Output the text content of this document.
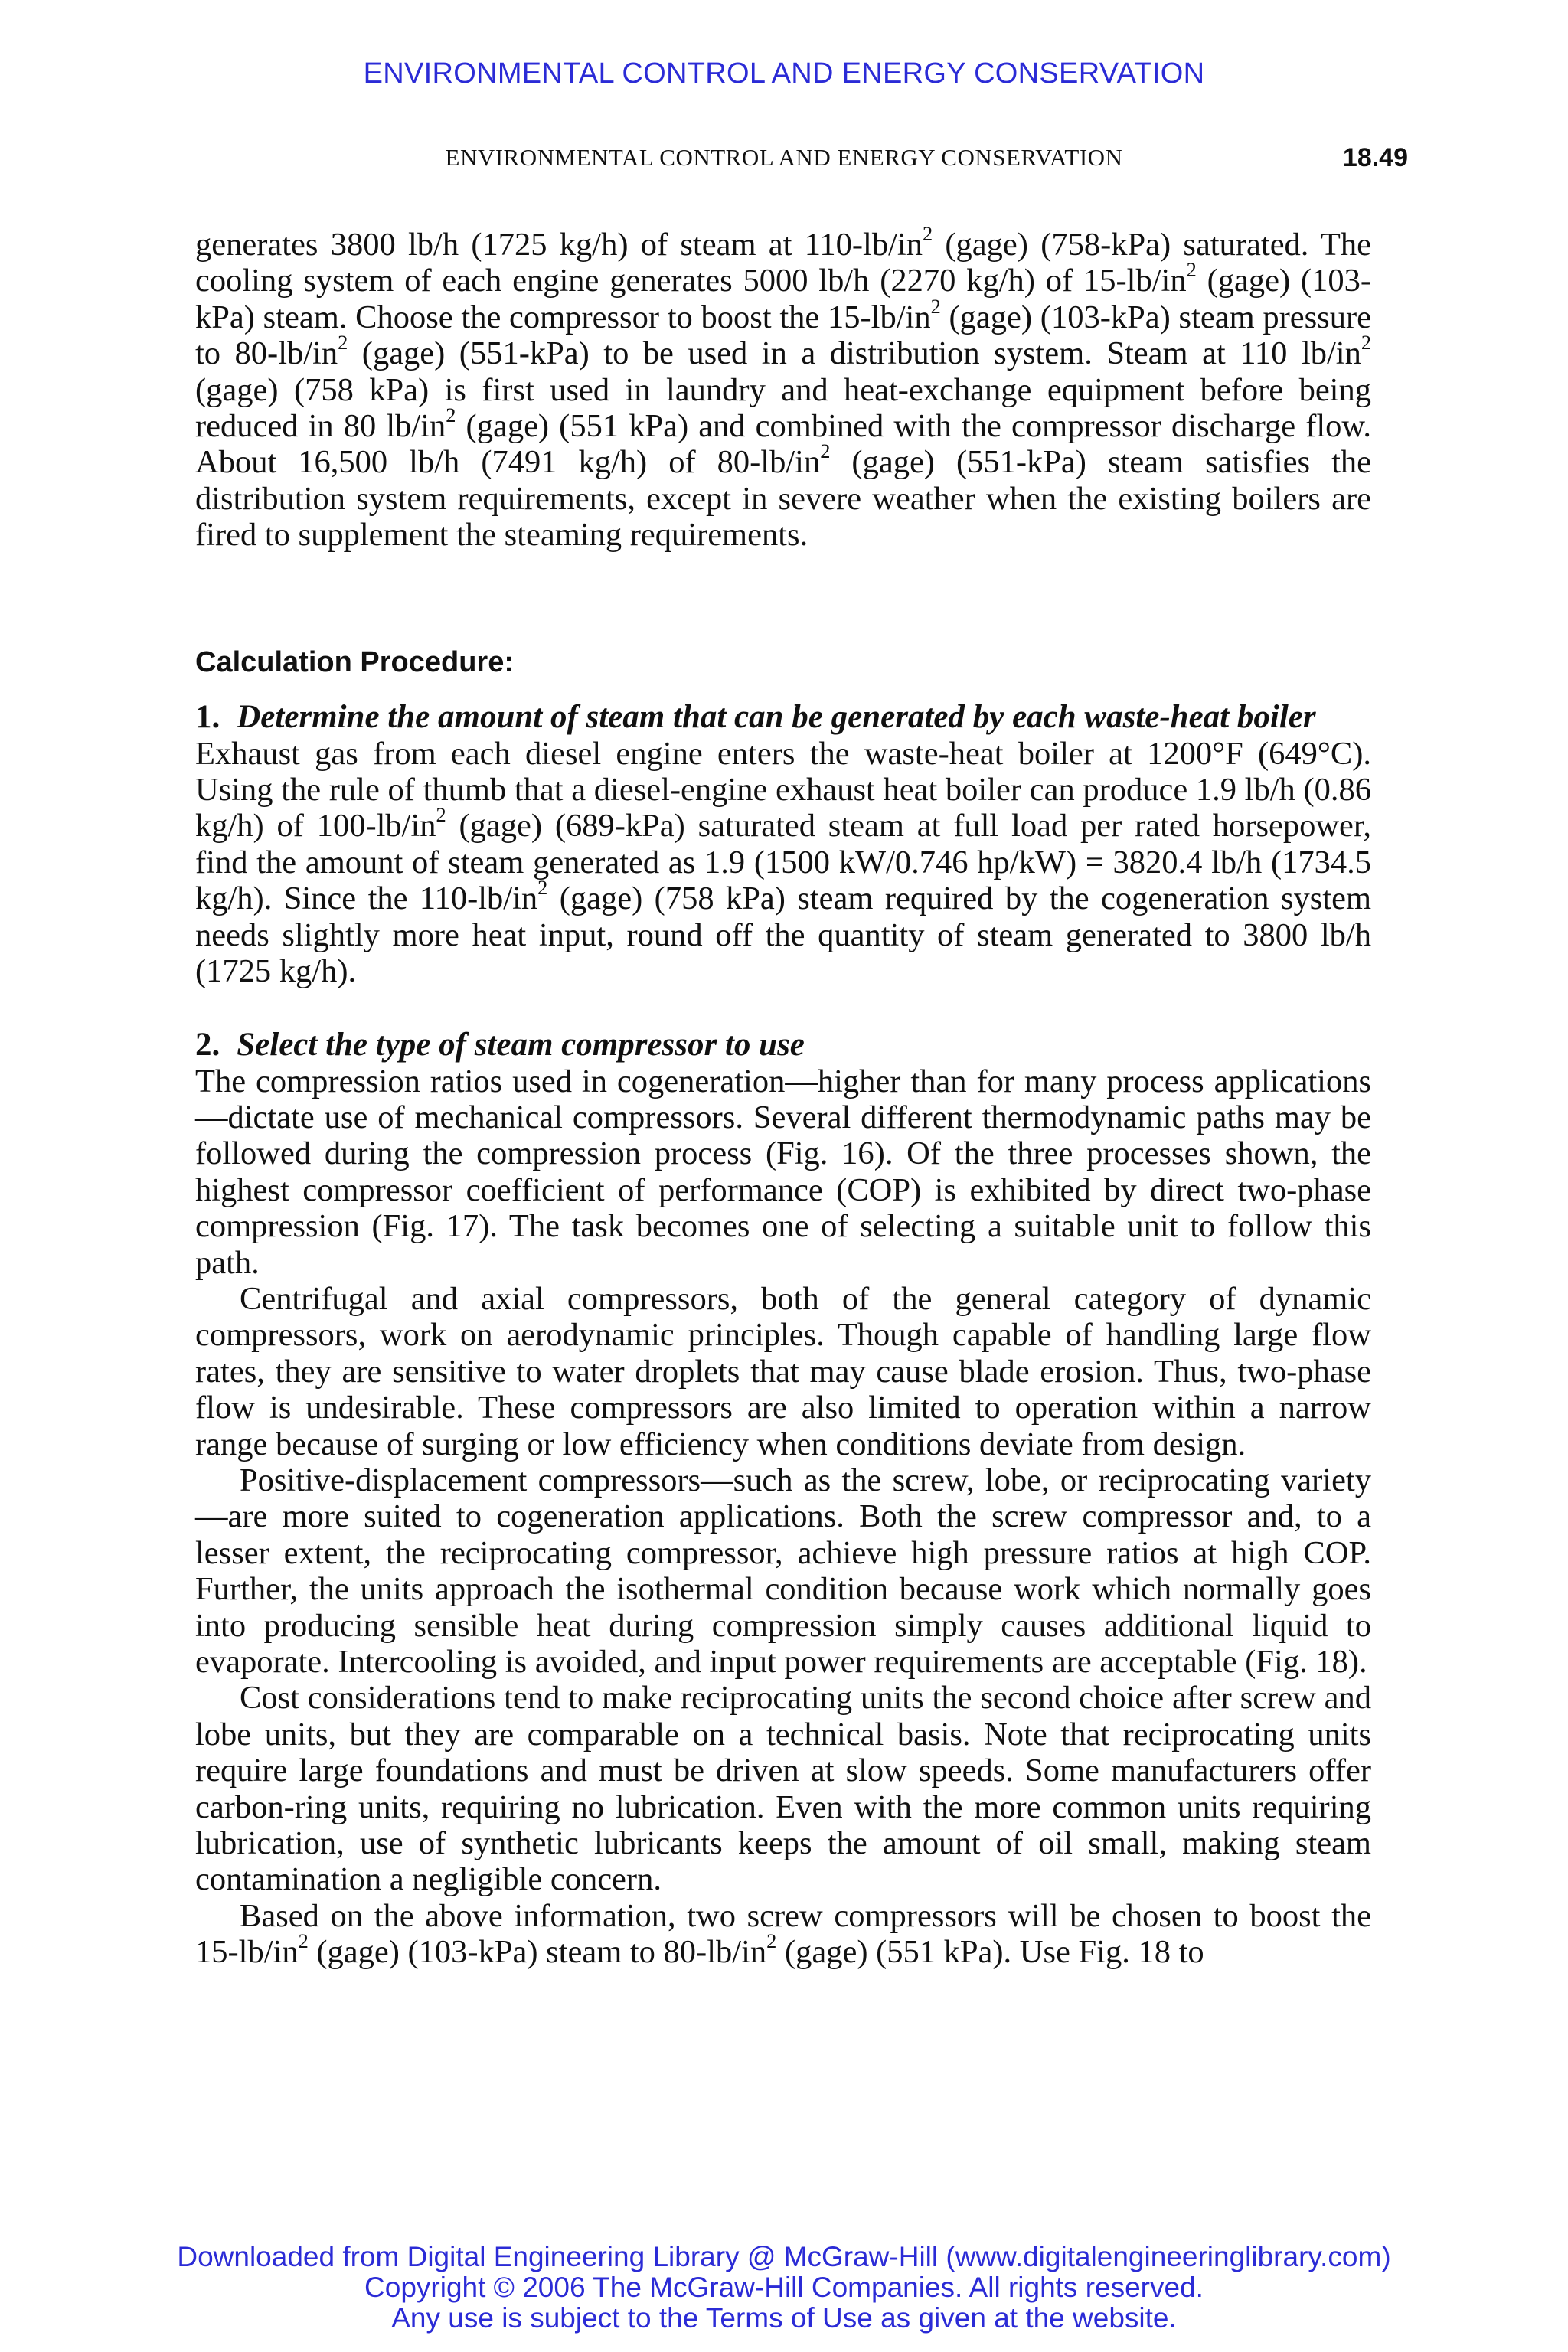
ENVIRONMENTAL CONTROL AND ENERGY CONSERVATION
ENVIRONMENTAL CONTROL AND ENERGY CONSERVATION	18.49

generates 3800 lb/h (1725 kg/h) of steam at $110-lb/in^2$ (gage) (758-kPa) saturated. The cooling system of each engine generates 5000 lb/h (2270 kg/h) of $15-lb/in^2$ (gage) (103-kPa) steam. Choose the compressor to boost the $15-lb/in^2$ (gage) (103-kPa) steam pressure to $80-lb/in^2$ (gage) (551-kPa) to be used in a distribution system. Steam at 110 $lb/in^2$ (gage) (758 kPa) is first used in laundry and heat-exchange equipment before being reduced in 80 $lb/in^2$ (gage) (551 kPa) and combined with the compressor discharge flow. About 16,500 lb/h (7491 kg/h) of $80-lb/in^2$ (gage) (551-kPa) steam satisfies the distribution system requirements, except in severe weather when the existing boilers are fired to supplement the steaming requirements.

Calculation Procedure:

1. Determine the amount of steam that can be generated by each waste-heat boiler

Exhaust gas from each diesel engine enters the waste-heat boiler at 1200°F (649°C). Using the rule of thumb that a diesel-engine exhaust heat boiler can produce 1.9 lb/h (0.86 kg/h) of $100-lb/in^2$ (gage) (689-kPa) saturated steam at full load per rated horsepower, find the amount of steam generated as 1.9 (1500 kW/0.746 hp/kW) = 3820.4 lb/h (1734.5 kg/h). Since the $110-lb/in^2$ (gage) (758 kPa) steam required by the cogeneration system needs slightly more heat input, round off the quantity of steam generated to 3800 lb/h (1725 kg/h).

2. Select the type of steam compressor to use

The compression ratios used in cogeneration—higher than for many process applications—dictate use of mechanical compressors. Several different thermodynamic paths may be followed during the compression process (Fig. 16). Of the three processes shown, the highest compressor coefficient of performance (COP) is exhibited by direct two-phase compression (Fig. 17). The task becomes one of selecting a suitable unit to follow this path.

Centrifugal and axial compressors, both of the general category of dynamic compressors, work on aerodynamic principles. Though capable of handling large flow rates, they are sensitive to water droplets that may cause blade erosion. Thus, two-phase flow is undesirable. These compressors are also limited to operation within a narrow range because of surging or low efficiency when conditions deviate from design.

Positive-displacement compressors—such as the screw, lobe, or reciprocating variety—are more suited to cogeneration applications. Both the screw compressor and, to a lesser extent, the reciprocating compressor, achieve high pressure ratios at high COP. Further, the units approach the isothermal condition because work which normally goes into producing sensible heat during compression simply causes additional liquid to evaporate. Intercooling is avoided, and input power requirements are acceptable (Fig. 18).

Cost considerations tend to make reciprocating units the second choice after screw and lobe units, but they are comparable on a technical basis. Note that reciprocating units require large foundations and must be driven at slow speeds. Some manufacturers offer carbon-ring units, requiring no lubrication. Even with the more common units requiring lubrication, use of synthetic lubricants keeps the amount of oil small, making steam contamination a negligible concern.

Based on the above information, two screw compressors will be chosen to boost the $15-lb/in^2$ (gage) (103-kPa) steam to $80-lb/in^2$ (gage) (551 kPa). Use Fig. 18 to

Downloaded from Digital Engineering Library @ McGraw-Hill (www.digitalengineeringlibrary.com)
Copyright © 2006 The McGraw-Hill Companies. All rights reserved.
Any use is subject to the Terms of Use as given at the website.
